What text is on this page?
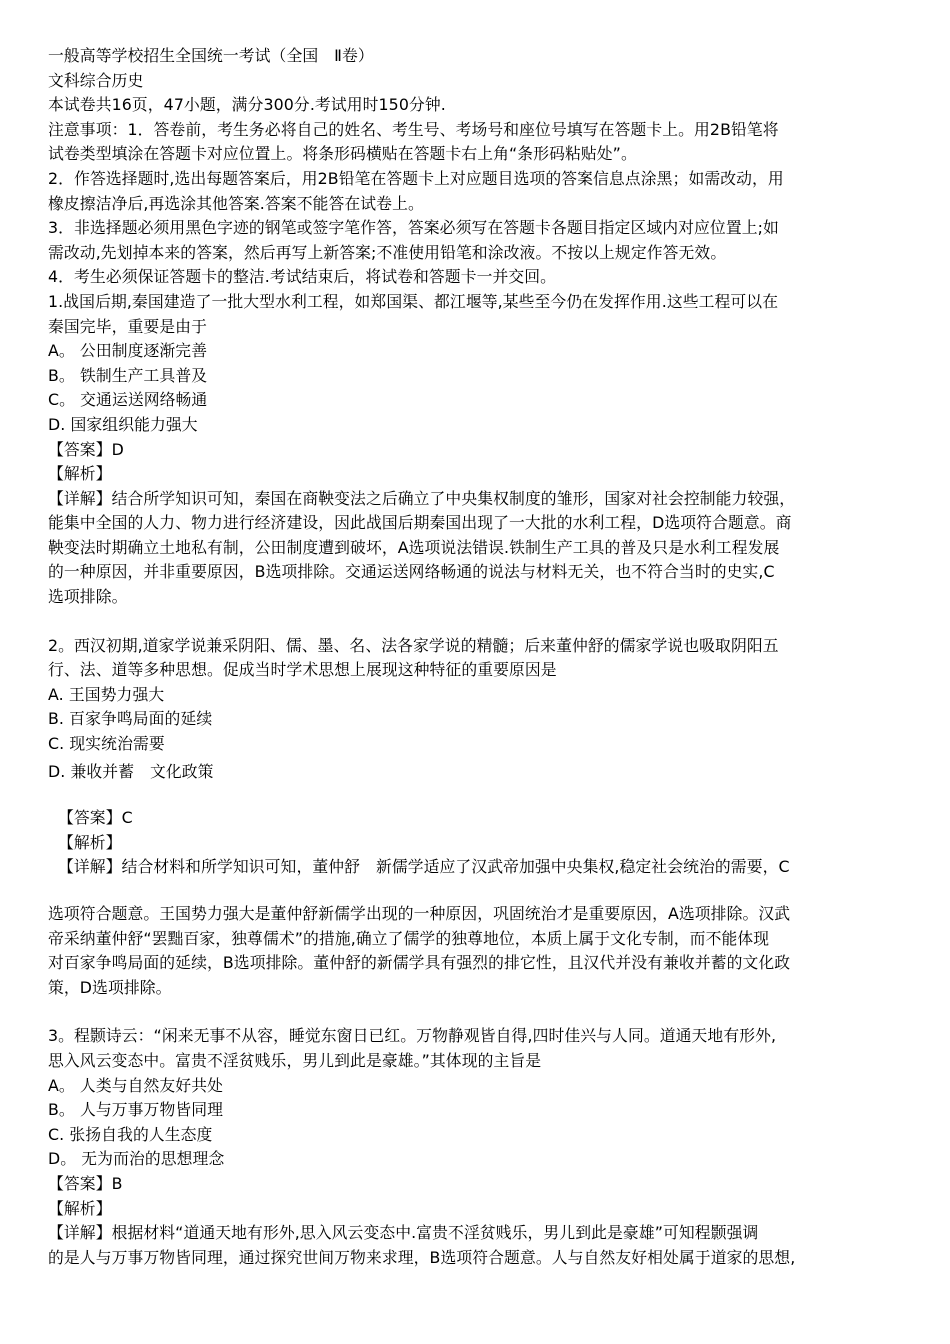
一般高等学校招生全国统一考试（全国　Ⅱ卷）
文科综合历史
本试卷共16页，47小题，满分300分.考试用时150分钟.
注意事项：1．答卷前，考生务必将自己的姓名、考生号、考场号和座位号填写在答题卡上。用2B铅笔将
试卷类型填涂在答题卡对应位置上。将条形码横贴在答题卡右上角“条形码粘贴处”。
2．作答选择题时,选出每题答案后，用2B铅笔在答题卡上对应题目选项的答案信息点涂黑；如需改动，用
橡皮擦洁净后,再选涂其他答案.答案不能答在试卷上。
3．非选择题必须用黑色字迹的钢笔或签字笔作答，答案必须写在答题卡各题目指定区域内对应位置上;如
需改动,先划掉本来的答案，然后再写上新答案;不准使用铅笔和涂改液。不按以上规定作答无效。
4．考生必须保证答题卡的整洁.考试结束后，将试卷和答题卡一并交回。
1.战国后期,秦国建造了一批大型水利工程，如郑国渠、都江堰等,某些至今仍在发挥作用.这些工程可以在
秦国完毕，重要是由于
A。 公田制度逐渐完善
B。 铁制生产工具普及
C。 交通运送网络畅通
D. 国家组织能力强大
【答案】D
【解析】
【详解】结合所学知识可知，秦国在商鞅变法之后确立了中央集权制度的雏形，国家对社会控制能力较强，
能集中全国的人力、物力进行经济建设，因此战国后期秦国出现了一大批的水利工程，D选项符合题意。商
鞅变法时期确立土地私有制，公田制度遭到破坏，A选项说法错误.铁制生产工具的普及只是水利工程发展
的一种原因，并非重要原因，B选项排除。交通运送网络畅通的说法与材料无关，也不符合当时的史实,C
选项排除。
2。西汉初期,道家学说兼采阴阳、儒、墨、名、法各家学说的精髓；后来董仲舒的儒家学说也吸取阴阳五
行、法、道等多种思想。促成当时学术思想上展现这种特征的重要原因是
A. 王国势力强大
B. 百家争鸣局面的延续
C. 现实统治需要
D. 兼收并蓄　文化政策
【答案】C
【解析】
【详解】结合材料和所学知识可知，董仲舒　新儒学适应了汉武帝加强中央集权,稳定社会统治的需要，C
选项符合题意。王国势力强大是董仲舒新儒学出现的一种原因，巩固统治才是重要原因，A选项排除。汉武
帝采纳董仲舒“罢黜百家，独尊儒术”的措施,确立了儒学的独尊地位，本质上属于文化专制，而不能体现
对百家争鸣局面的延续，B选项排除。董仲舒的新儒学具有强烈的排它性，且汉代并没有兼收并蓄的文化政
策，D选项排除。
3。程颢诗云：“闲来无事不从容，睡觉东窗日已红。万物静观皆自得,四时佳兴与人同。道通天地有形外,
思入风云变态中。富贵不淫贫贱乐，男儿到此是豪雄。”其体现的主旨是
A。 人类与自然友好共处
B。 人与万事万物皆同理
C. 张扬自我的人生态度
D。 无为而治的思想理念
【答案】B
【解析】
【详解】根据材料“道通天地有形外,思入风云变态中.富贵不淫贫贱乐，男儿到此是豪雄”可知程颢强调
的是人与万事万物皆同理，通过探究世间万物来求理，B选项符合题意。人与自然友好相处属于道家的思想,
